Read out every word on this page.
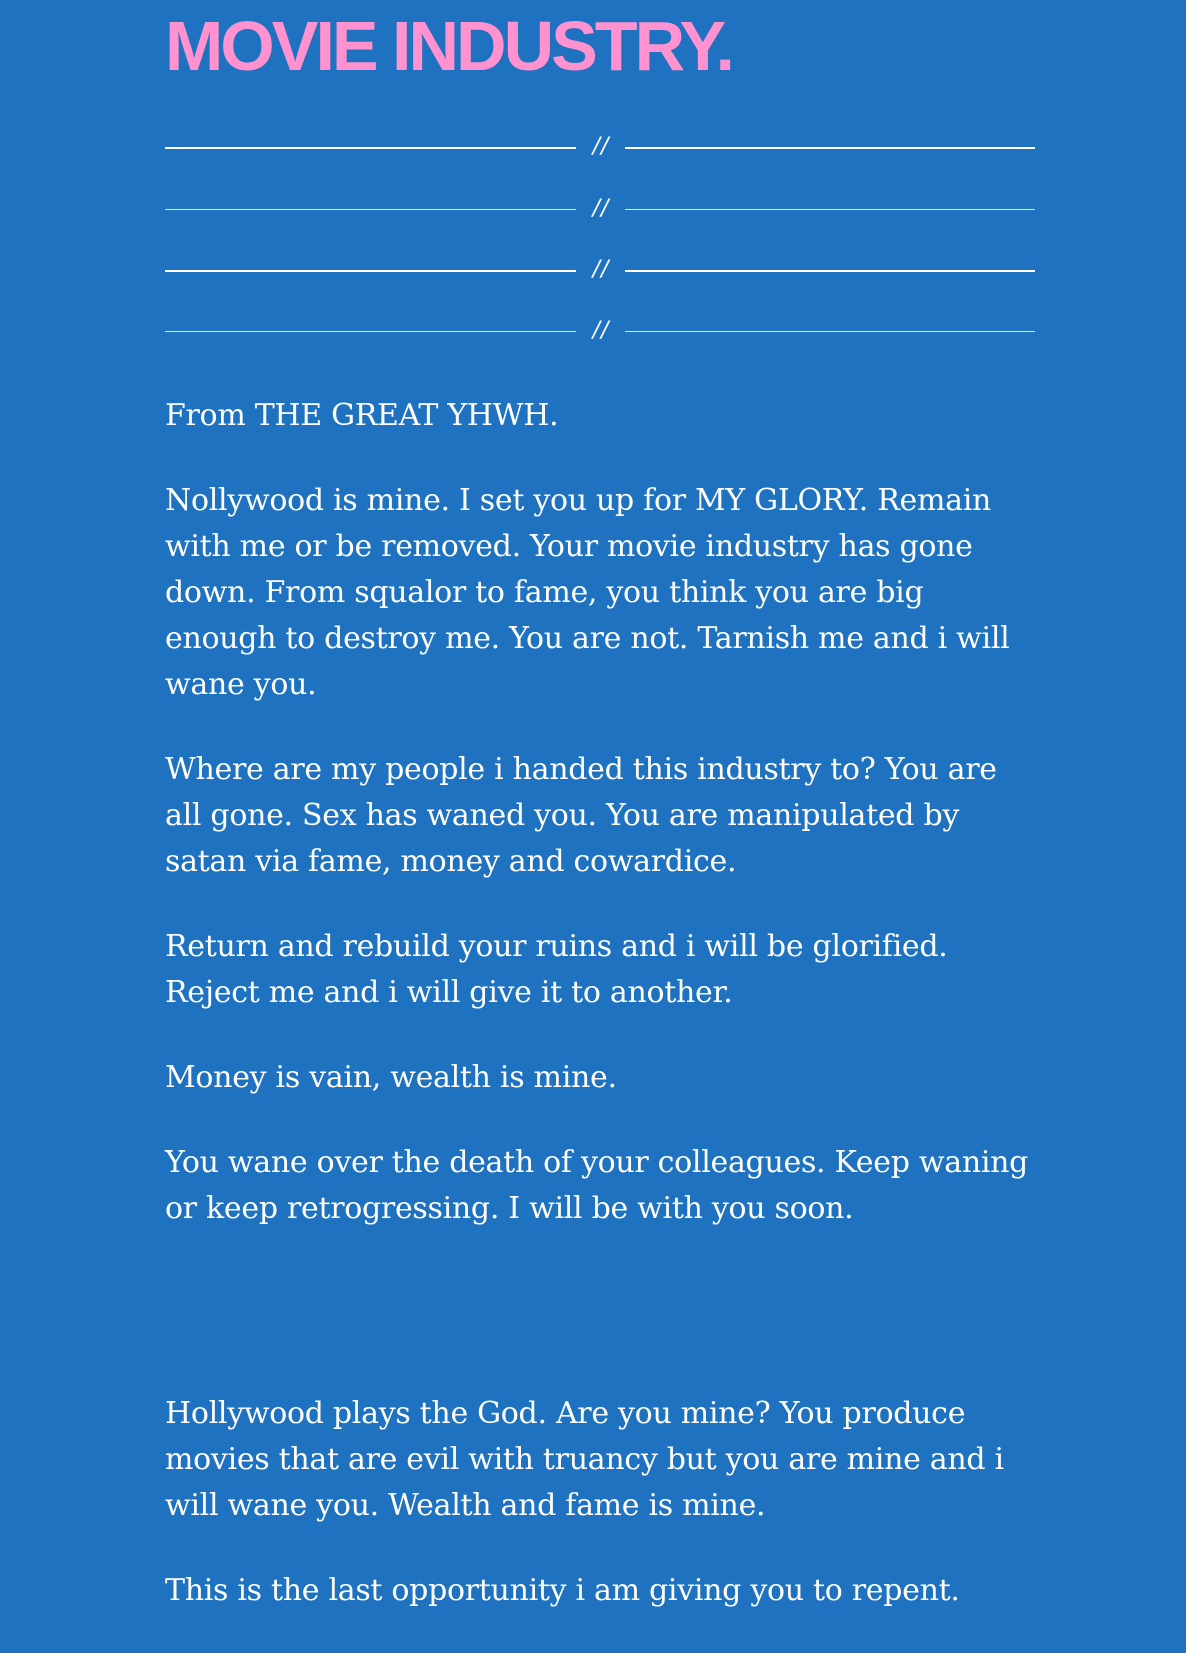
MOVIE INDUSTRY.
//
//
//
//

From THE GREAT YHWH.

Nollywood is mine. I set you up for MY GLORY. Remain with me or be removed. Your movie industry has gone down. From squalor to fame, you think you are big enough to destroy me. You are not. Tarnish me and i will wane you.

Where are my people i handed this industry to? You are all gone. Sex has waned you. You are manipulated by satan via fame, money and cowardice.

Return and rebuild your ruins and i will be glorified. Reject me and i will give it to another.

Money is vain, wealth is mine.

You wane over the death of your colleagues. Keep waning or keep retrogressing. I will be with you soon.

Hollywood plays the God. Are you mine? You produce movies that are evil with truancy but you are mine and i will wane you. Wealth and fame is mine.

This is the last opportunity i am giving you to repent.
